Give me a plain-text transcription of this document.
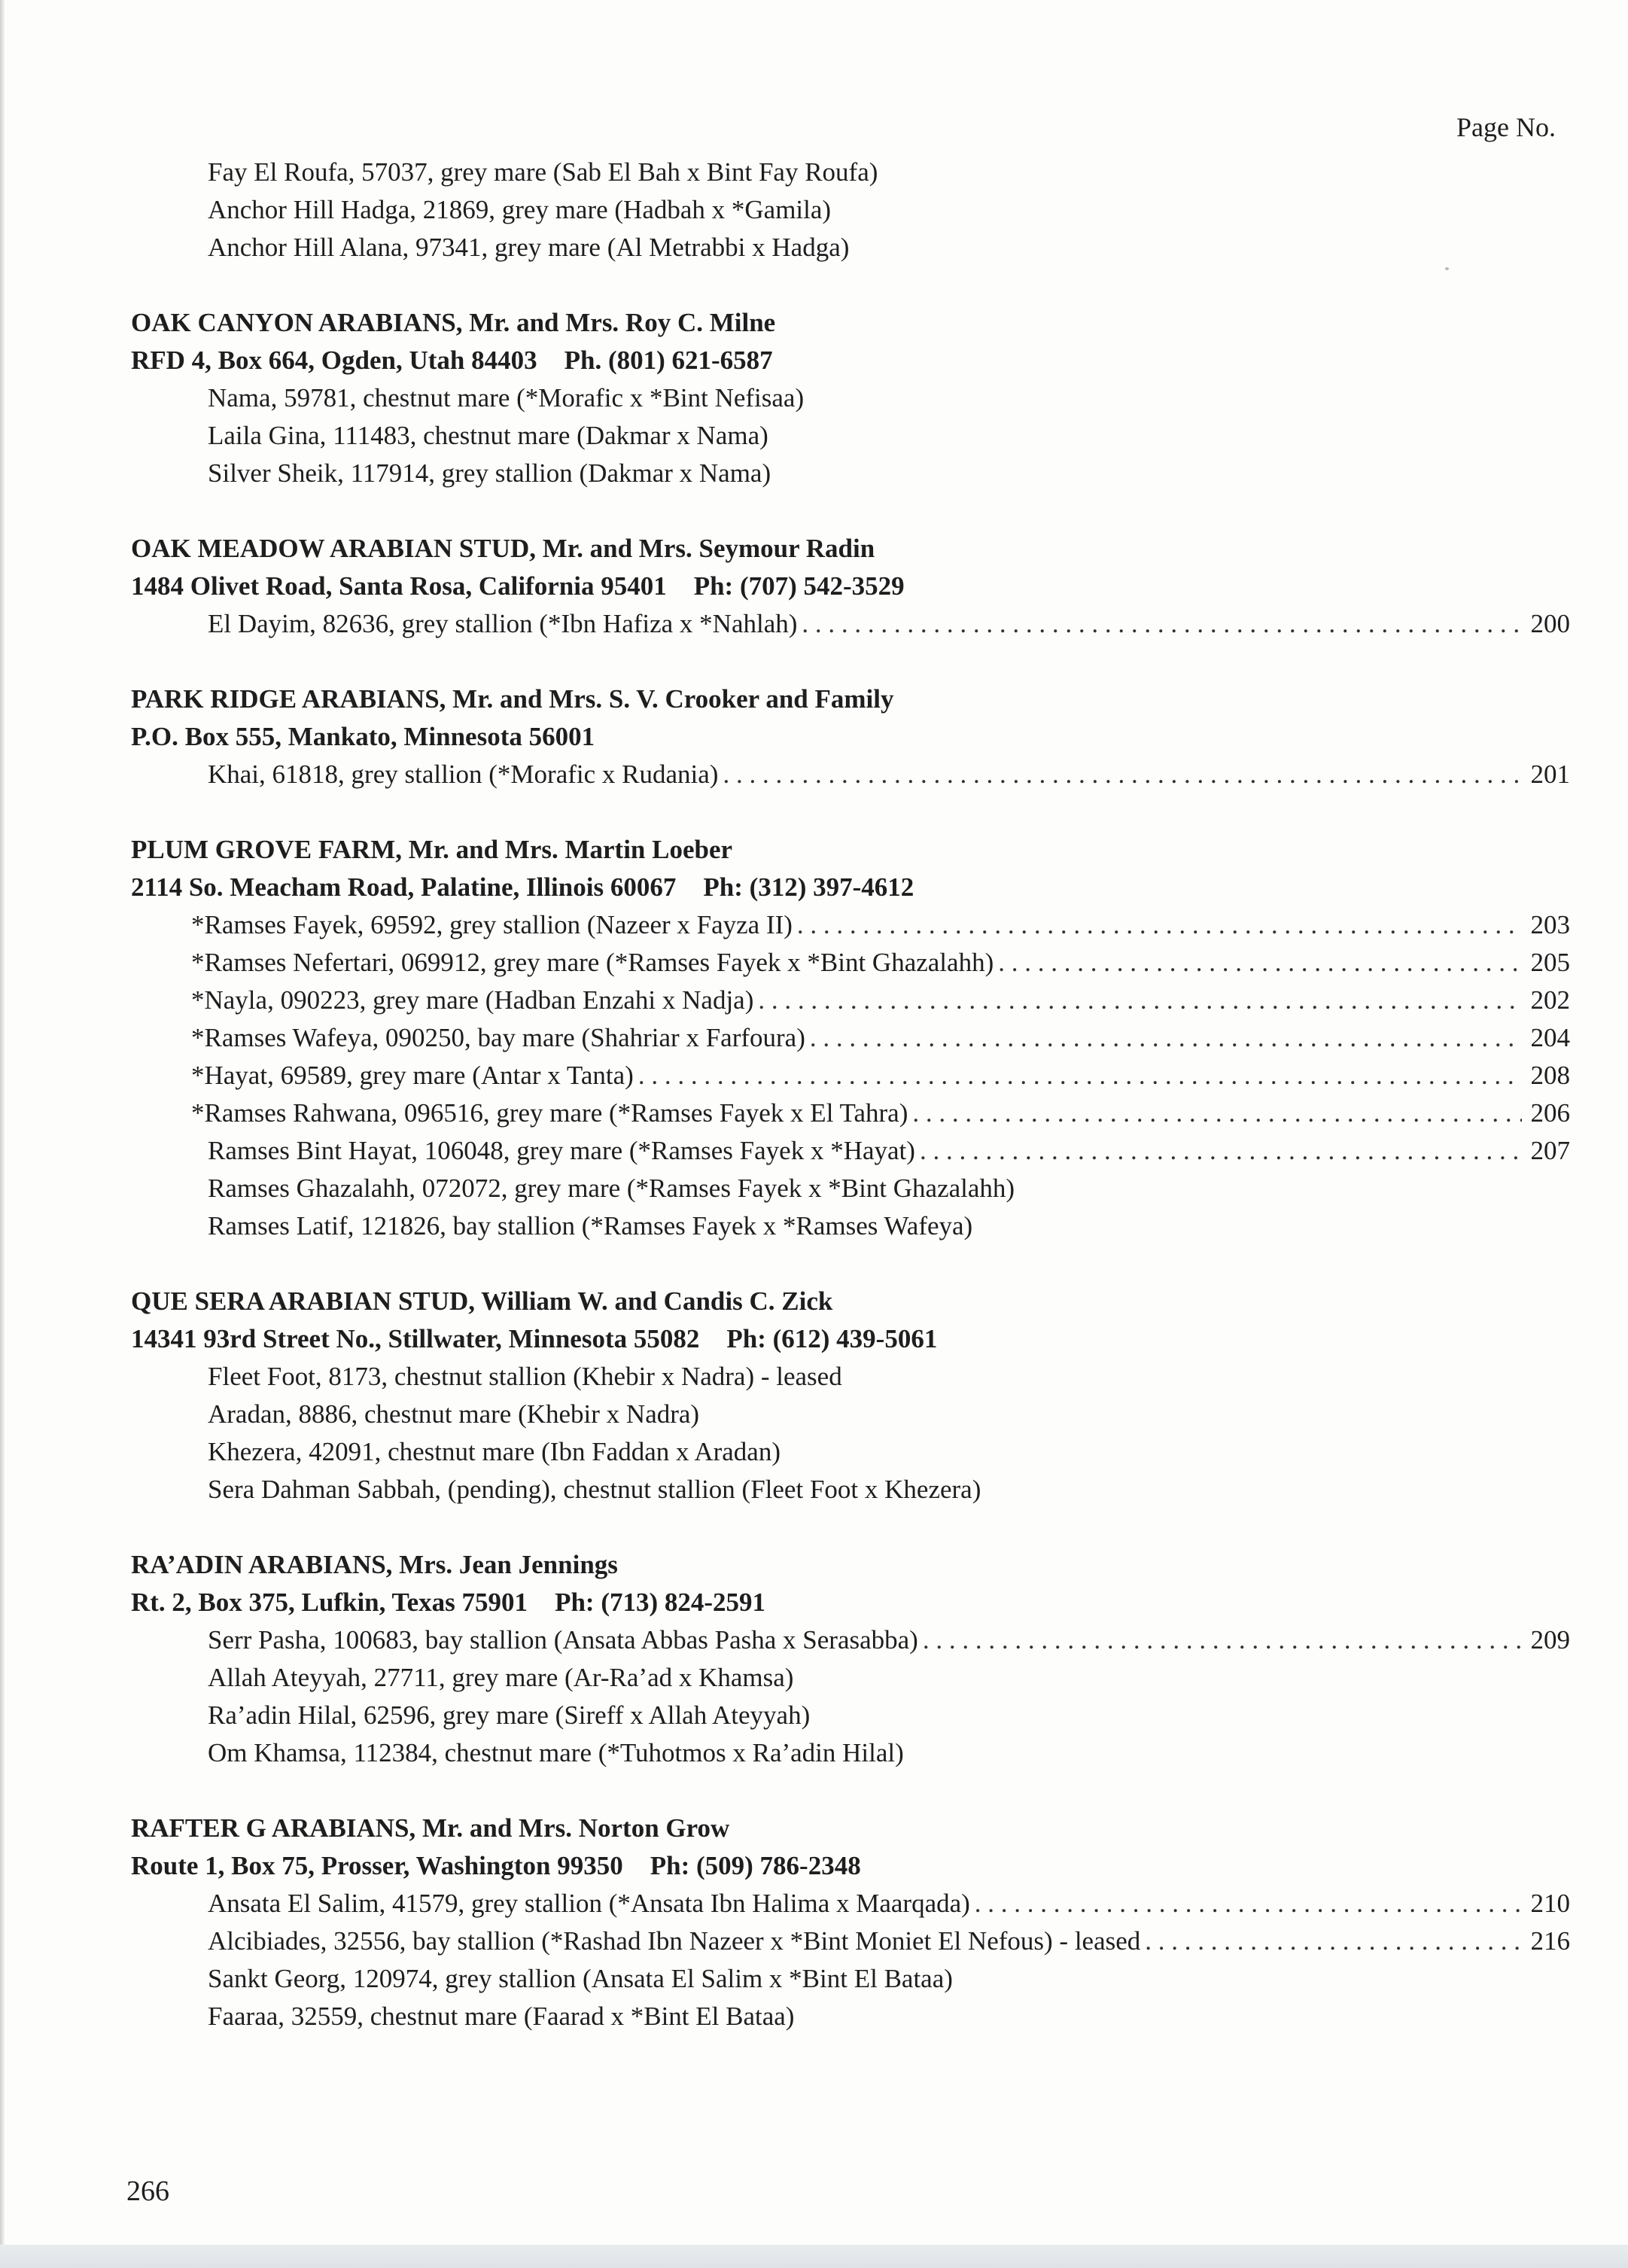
Page No.
Fay El Roufa, 57037, grey mare (Sab El Bah x Bint Fay Roufa)
Anchor Hill Hadga, 21869, grey mare (Hadbah x *Gamila)
Anchor Hill Alana, 97341, grey mare (Al Metrabbi x Hadga)
OAK CANYON ARABIANS, Mr. and Mrs. Roy C. Milne
RFD 4, Box 664, Ogden, Utah 84403 Ph. (801) 621-6587
Nama, 59781, chestnut mare (*Morafic x *Bint Nefisaa)
Laila Gina, 111483, chestnut mare (Dakmar x Nama)
Silver Sheik, 117914, grey stallion (Dakmar x Nama)
OAK MEADOW ARABIAN STUD, Mr. and Mrs. Seymour Radin
1484 Olivet Road, Santa Rosa, California 95401 Ph: (707) 542-3529
El Dayim, 82636, grey stallion (*Ibn Hafiza x *Nahlah) . . .	200
PARK RIDGE ARABIANS, Mr. and Mrs. S. V. Crooker and Family
P.O. Box 555, Mankato, Minnesota 56001
Khai, 61818, grey stallion (*Morafic x Rudania) . . .	201
PLUM GROVE FARM, Mr. and Mrs. Martin Loeber
2114 So. Meacham Road, Palatine, Illinois 60067 Ph: (312) 397-4612
*Ramses Fayek, 69592, grey stallion (Nazeer x Fayza II) . . .	203
*Ramses Nefertari, 069912, grey mare (*Ramses Fayek x *Bint Ghazalahh) . . .	205
*Nayla, 090223, grey mare (Hadban Enzahi x Nadja) . . .	202
*Ramses Wafeya, 090250, bay mare (Shahriar x Farfoura) . . .	204
*Hayat, 69589, grey mare (Antar x Tanta) . . .	208
*Ramses Rahwana, 096516, grey mare (*Ramses Fayek x El Tahra) . . .	206
Ramses Bint Hayat, 106048, grey mare (*Ramses Fayek x *Hayat) . . .	207
Ramses Ghazalahh, 072072, grey mare (*Ramses Fayek x *Bint Ghazalahh)
Ramses Latif, 121826, bay stallion (*Ramses Fayek x *Ramses Wafeya)
QUE SERA ARABIAN STUD, William W. and Candis C. Zick
14341 93rd Street No., Stillwater, Minnesota 55082 Ph: (612) 439-5061
Fleet Foot, 8173, chestnut stallion (Khebir x Nadra) - leased
Aradan, 8886, chestnut mare (Khebir x Nadra)
Khezera, 42091, chestnut mare (Ibn Faddan x Aradan)
Sera Dahman Sabbah, (pending), chestnut stallion (Fleet Foot x Khezera)
RA’ADIN ARABIANS, Mrs. Jean Jennings
Rt. 2, Box 375, Lufkin, Texas 75901 Ph: (713) 824-2591
Serr Pasha, 100683, bay stallion (Ansata Abbas Pasha x Serasabba) . . .	209
Allah Ateyyah, 27711, grey mare (Ar-Ra’ad x Khamsa)
Ra’adin Hilal, 62596, grey mare (Sireff x Allah Ateyyah)
Om Khamsa, 112384, chestnut mare (*Tuhotmos x Ra’adin Hilal)
RAFTER G ARABIANS, Mr. and Mrs. Norton Grow
Route 1, Box 75, Prosser, Washington 99350 Ph: (509) 786-2348
Ansata El Salim, 41579, grey stallion (*Ansata Ibn Halima x Maarqada) . . .	210
Alcibiades, 32556, bay stallion (*Rashad Ibn Nazeer x *Bint Moniet El Nefous) - leased . . .	216
Sankt Georg, 120974, grey stallion (Ansata El Salim x *Bint El Bataa)
Faaraa, 32559, chestnut mare (Faarad x *Bint El Bataa)
266
